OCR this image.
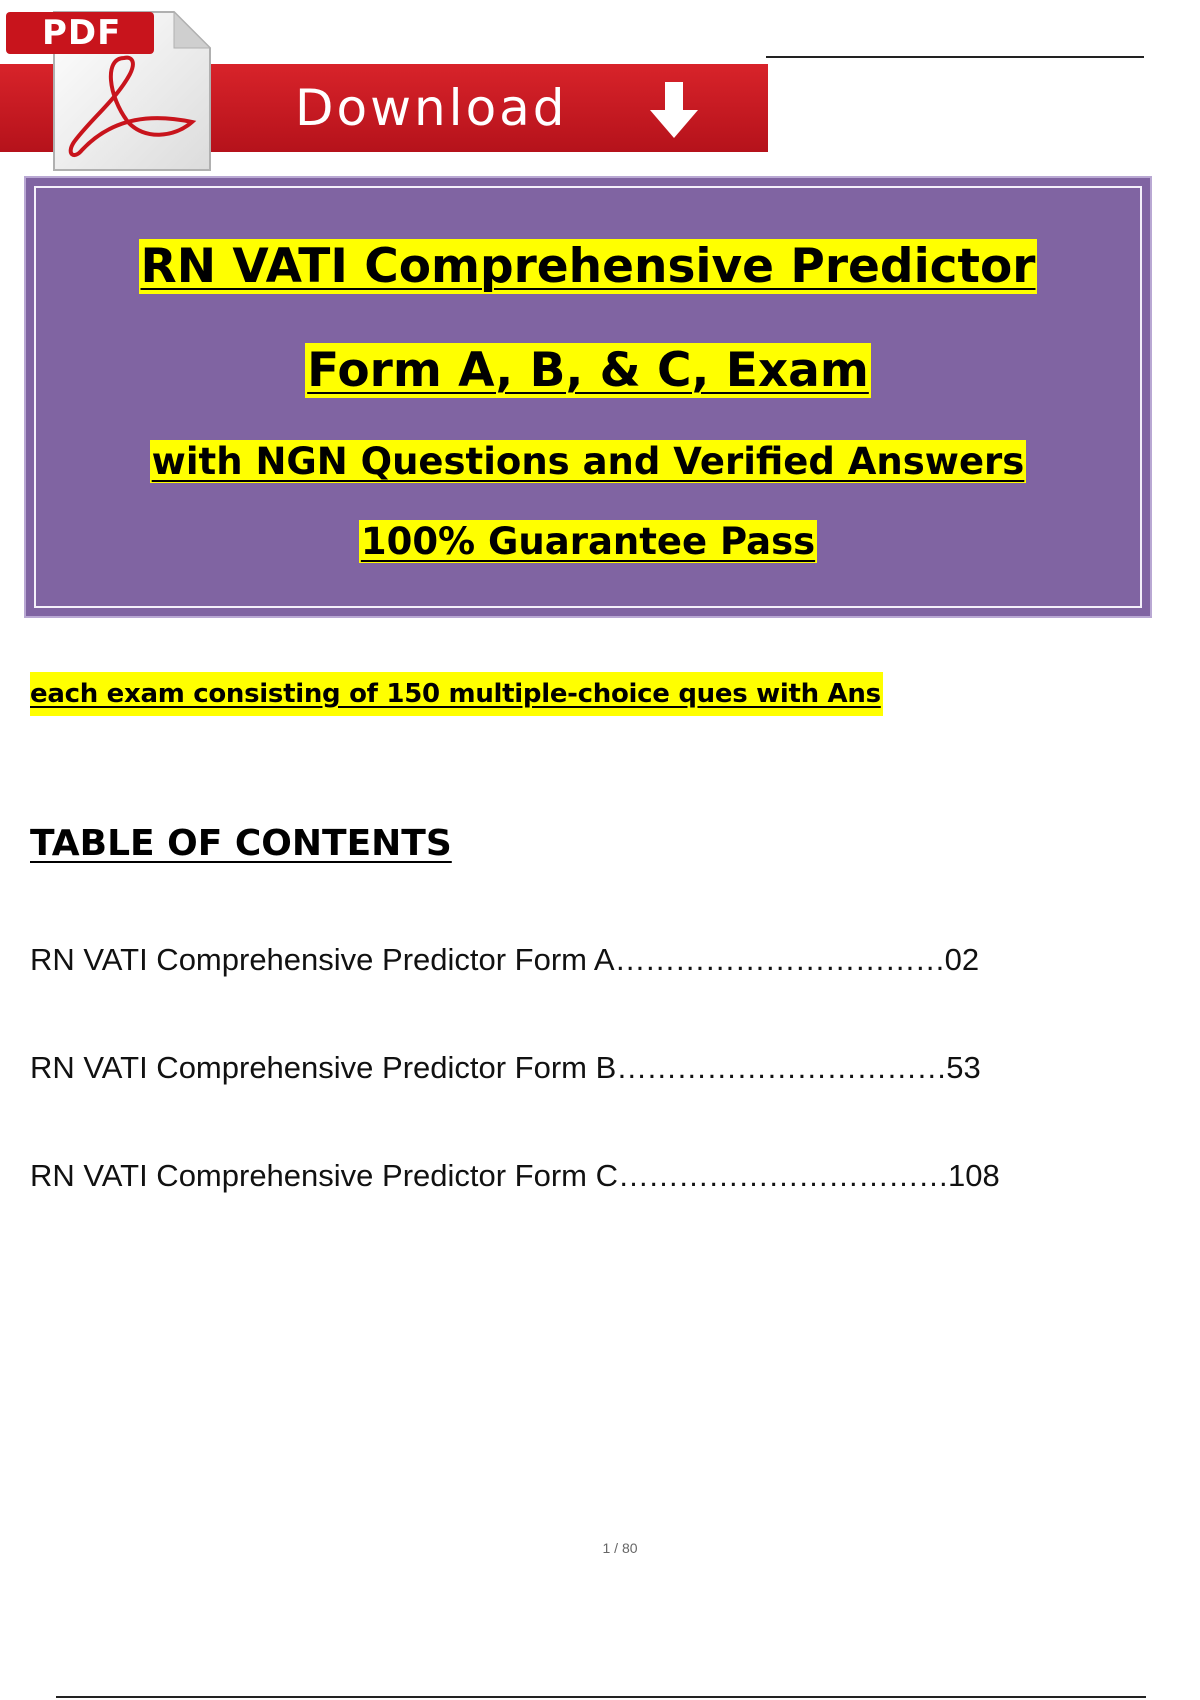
Download
PDF
RN VATI Comprehensive Predictor
Form A, B, & C, Exam
with NGN Questions and Verified Answers
100% Guarantee Pass
each exam consisting of 150 multiple-choice ques with Ans
TABLE OF CONTENTS
RN VATI Comprehensive Predictor Form A……………………………02
RN VATI Comprehensive Predictor Form B……………………………53
RN VATI Comprehensive Predictor Form C……………………………108
1 / 80
